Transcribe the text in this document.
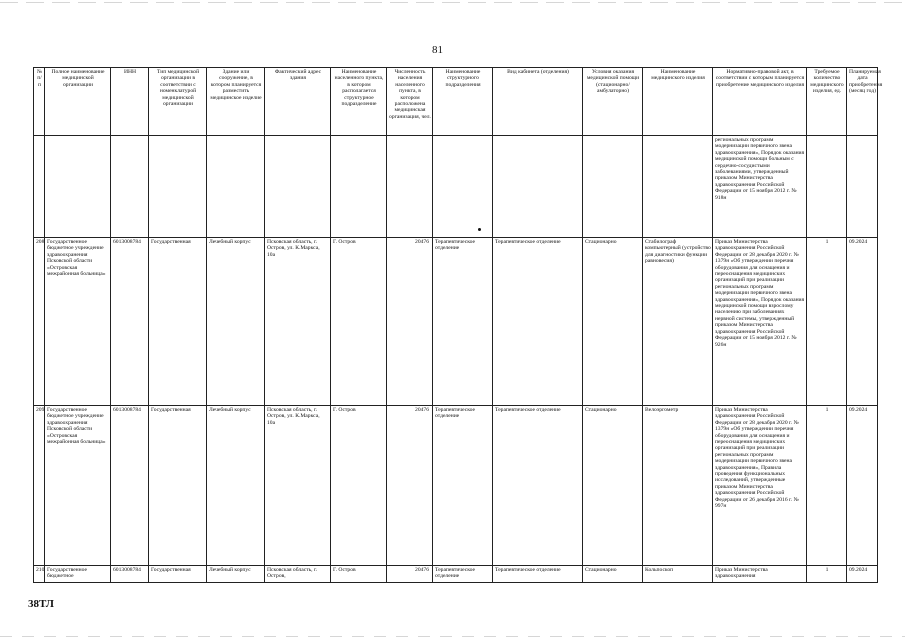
81
№ п/п	Полное наименование медицинской организации	ИНН	Тип медицинской организации в соответствии с номенклатурой медицинской организации	Здание или сооружение, в котором планируется разместить медицинское изделие	Фактический адрес здания	Наименование населенного пункта, в котором располагается структурное подразделение	Численность населения населенного пункта, в котором расположена медицинская организация, чел.	Наименование структурного подразделения	Вид кабинета (отделения)	Условия оказания медицинской помощи (стационарно/ амбулаторно)	Наименование медицинского изделия	Нормативно-правовой акт, в соответствии с которым планируется приобретение медицинского изделия	Требуемое количество медицинского изделия, ед.	Планируемая дата приобретения (месяц год)
												региональных программ модернизации первичного звена здравоохранения», Порядок оказания медицинской помощи больным с сердечно-сосудистыми заболеваниями, утвержденный приказом Министерства здравоохранения Российской Федерации от 15 ноября 2012 г. № 918н		
208	Государственное бюджетное учреждение здравоохранения Псковской области «Островская межрайонная больница»	6013008784	Государственная	Лечебный корпус	Псковская область, г. Остров, ул. К.Маркса, 10а	Г. Остров	20476	Терапевтическое отделение	Терапевтическое отделение	Стационарно	Стабилограф компьютерный (устройство для диагностики функции равновесия)	Приказ Министерства здравоохранения Российской Федерации от 28 декабря 2020 г. № 1379н «Об утверждении перечня оборудования для оснащения и переоснащения медицинских организаций при реализации региональных программ модернизации первичного звена здравоохранения», Порядок оказания медицинской помощи взрослому населению при заболеваниях нервной системы, утвержденный приказом Министерства здравоохранения Российской Федерации от 15 ноября 2012 г. № 926н	1	09.2024
209	Государственное бюджетное учреждение здравоохранения Псковской области «Островская межрайонная больница»	6013008784	Государственная	Лечебный корпус	Псковская область, г. Остров, ул. К.Маркса, 10а	Г. Остров	20476	Терапевтическое отделение	Терапевтическое отделение	Стационарно	Велоэргометр	Приказ Министерства здравоохранения Российской Федерации от 28 декабря 2020 г. № 1379н «Об утверждении перечня оборудования для оснащения и переоснащения медицинских организаций при реализации региональных программ модернизации первичного звена здравоохранения», Правила проведения функциональных исследований, утвержденные приказом Министерства здравоохранения Российской Федерации от 26 декабря 2016 г. № 997н	1	09.2024
210	Государственное бюджетное	6013008784	Государственная	Лечебный корпус	Псковская область, г. Остров,	Г. Остров	20476	Терапевтическое отделение	Терапевтическое отделение	Стационарно	Кольпоскоп	Приказ Министерства здравоохранения	1	09.2024
38ТЛ
